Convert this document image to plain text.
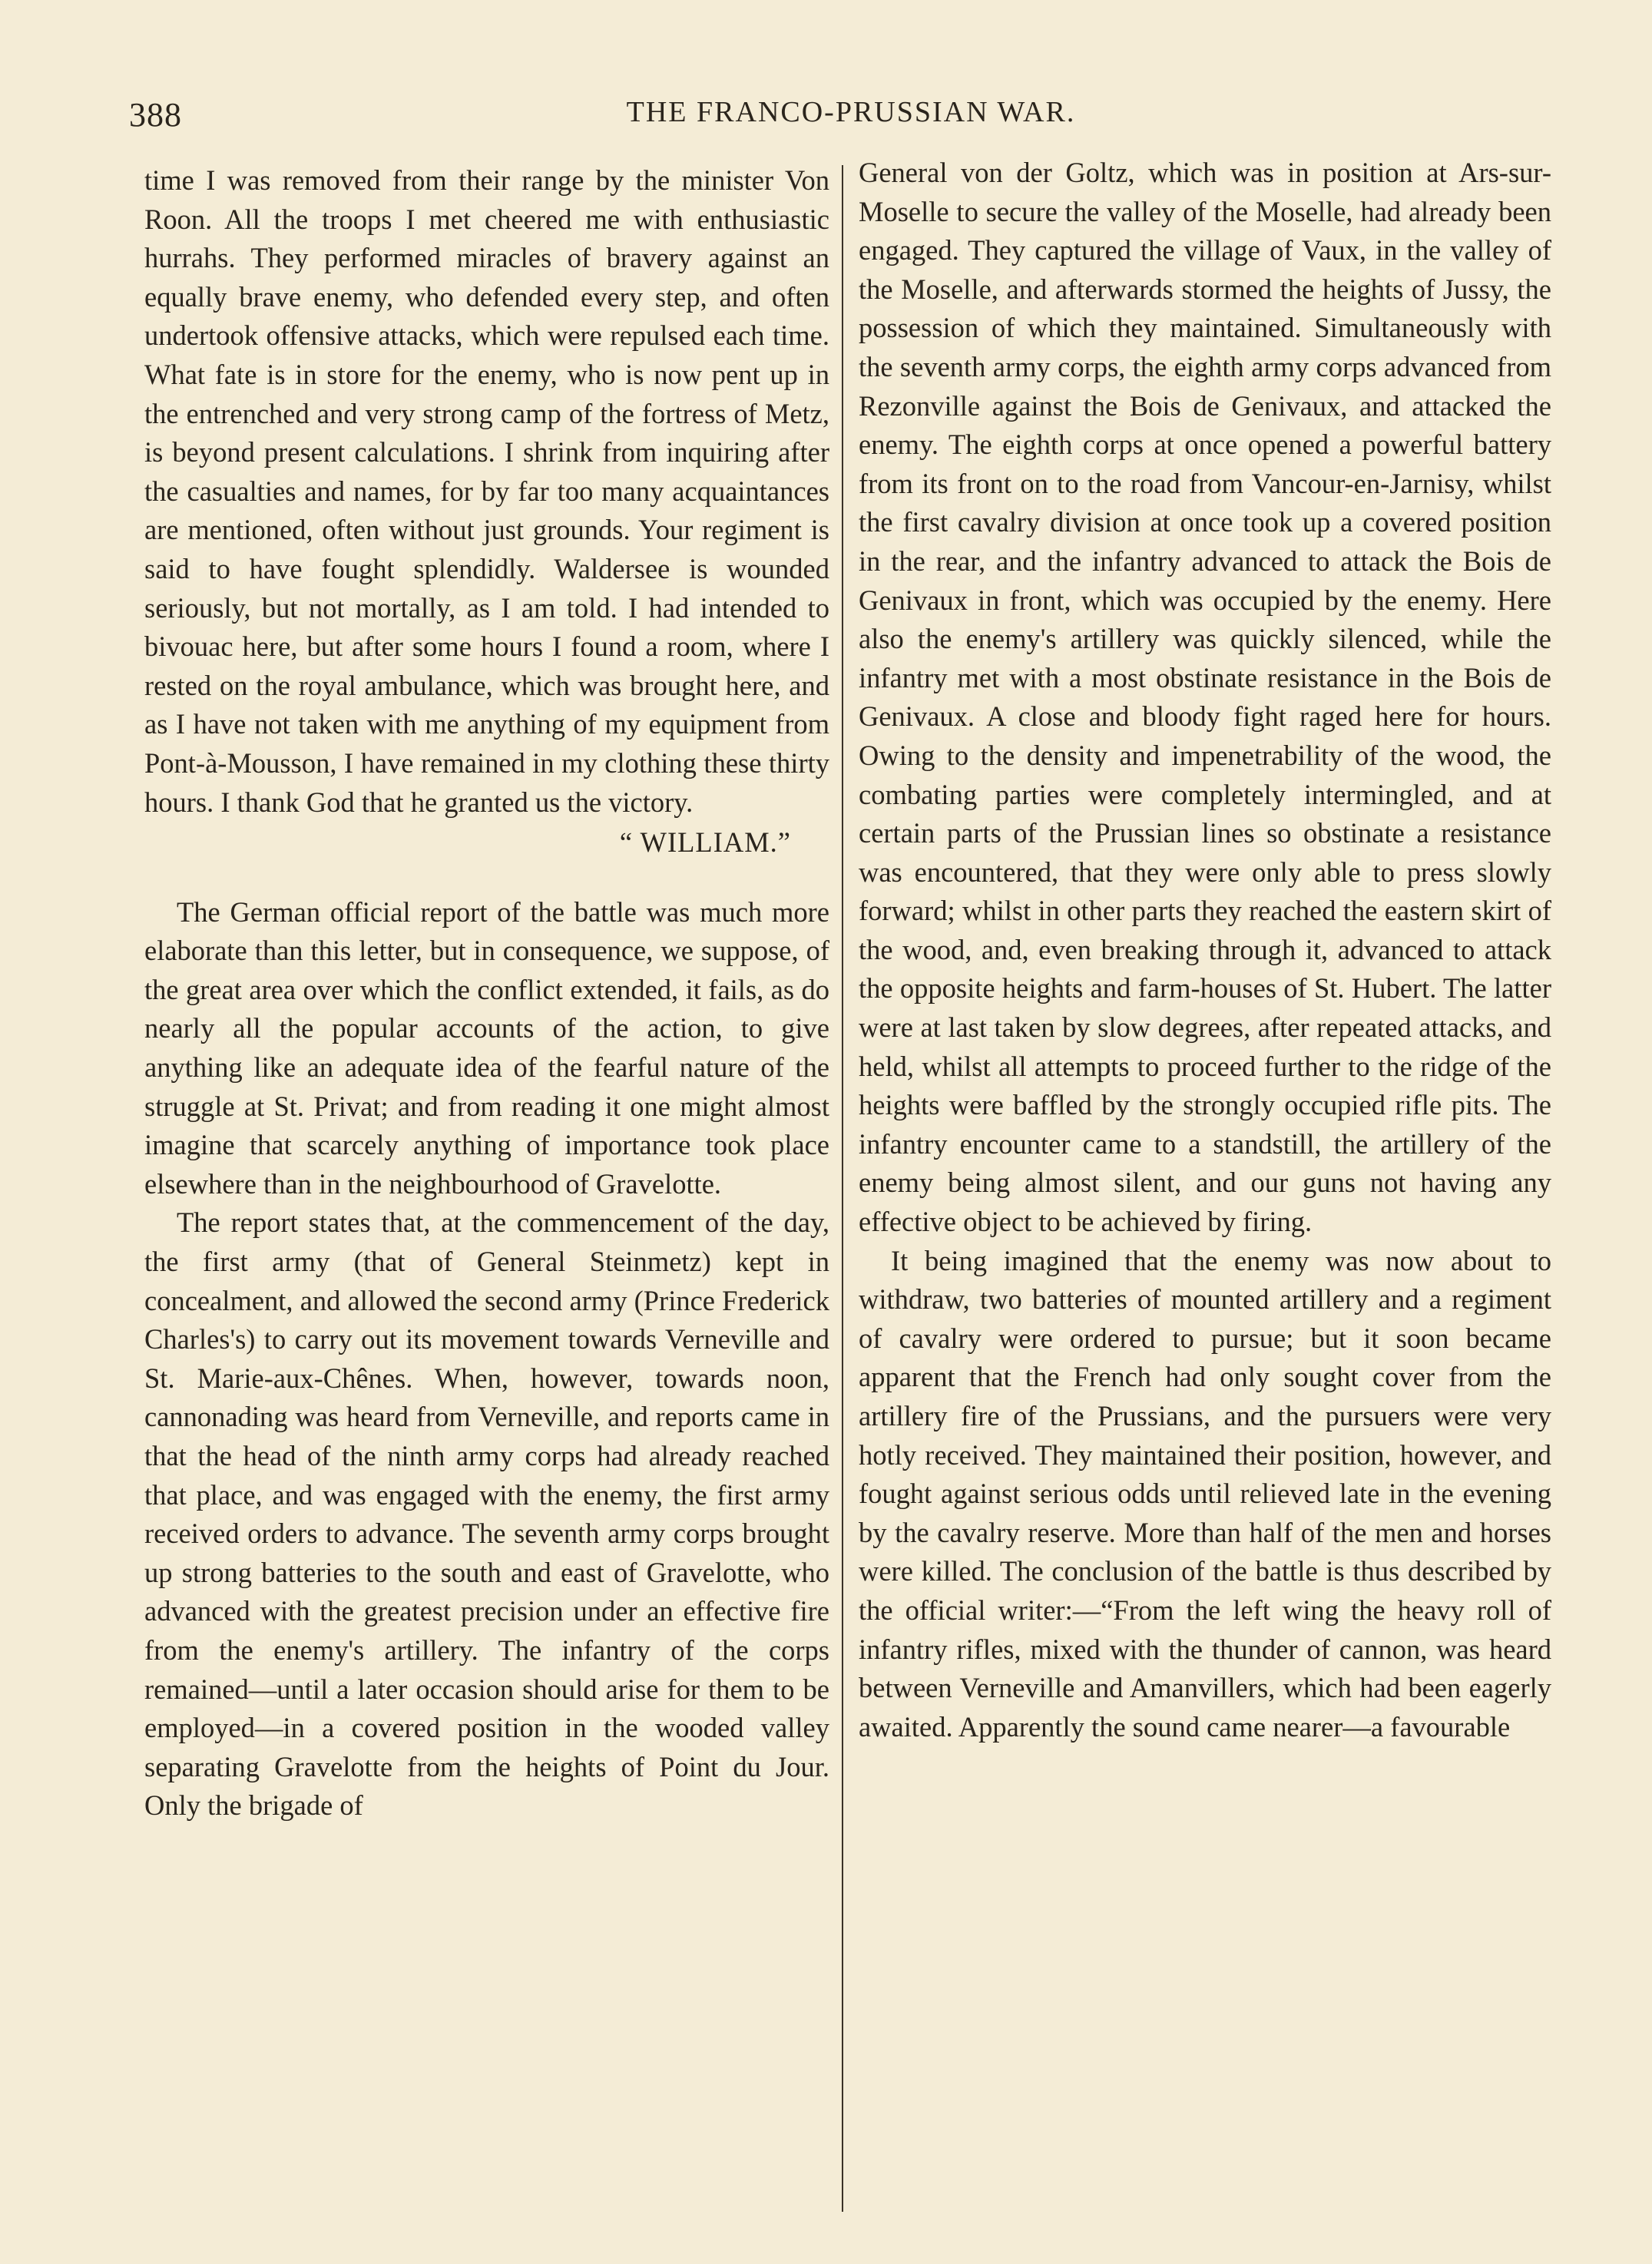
388	THE FRANCO-PRUSSIAN WAR.

time I was removed from their range by the minister Von Roon. All the troops I met cheered me with enthusiastic hurrahs. They performed miracles of bravery against an equally brave enemy, who defended every step, and often undertook offensive attacks, which were repulsed each time. What fate is in store for the enemy, who is now pent up in the entrenched and very strong camp of the fortress of Metz, is beyond present calculations. I shrink from inquiring after the casualties and names, for by far too many acquaintances are mentioned, often without just grounds. Your regiment is said to have fought splendidly. Waldersee is wounded seriously, but not mortally, as I am told. I had intended to bivouac here, but after some hours I found a room, where I rested on the royal ambulance, which was brought here, and as I have not taken with me anything of my equipment from Pont-à-Mousson, I have remained in my clothing these thirty hours. I thank God that he granted us the victory.

“ WILLIAM.”

The German official report of the battle was much more elaborate than this letter, but in consequence, we suppose, of the great area over which the conflict extended, it fails, as do nearly all the popular accounts of the action, to give anything like an adequate idea of the fearful nature of the struggle at St. Privat; and from reading it one might almost imagine that scarcely anything of importance took place elsewhere than in the neighbourhood of Gravelotte.

The report states that, at the commencement of the day, the first army (that of General Steinmetz) kept in concealment, and allowed the second army (Prince Frederick Charles's) to carry out its movement towards Verneville and St. Marie-aux-Chênes. When, however, towards noon, cannonading was heard from Verneville, and reports came in that the head of the ninth army corps had already reached that place, and was engaged with the enemy, the first army received orders to advance. The seventh army corps brought up strong batteries to the south and east of Gravelotte, who advanced with the greatest precision under an effective fire from the enemy's artillery. The infantry of the corps remained—until a later occasion should arise for them to be employed—in a covered position in the wooded valley separating Gravelotte from the heights of Point du Jour. Only the brigade of

General von der Goltz, which was in position at Ars-sur-Moselle to secure the valley of the Moselle, had already been engaged. They captured the village of Vaux, in the valley of the Moselle, and afterwards stormed the heights of Jussy, the possession of which they maintained. Simultaneously with the seventh army corps, the eighth army corps advanced from Rezonville against the Bois de Genivaux, and attacked the enemy. The eighth corps at once opened a powerful battery from its front on to the road from Vancour-en-Jarnisy, whilst the first cavalry division at once took up a covered position in the rear, and the infantry advanced to attack the Bois de Genivaux in front, which was occupied by the enemy. Here also the enemy's artillery was quickly silenced, while the infantry met with a most obstinate resistance in the Bois de Genivaux. A close and bloody fight raged here for hours. Owing to the density and impenetrability of the wood, the combating parties were completely intermingled, and at certain parts of the Prussian lines so obstinate a resistance was encountered, that they were only able to press slowly forward; whilst in other parts they reached the eastern skirt of the wood, and, even breaking through it, advanced to attack the opposite heights and farm-houses of St. Hubert. The latter were at last taken by slow degrees, after repeated attacks, and held, whilst all attempts to proceed further to the ridge of the heights were baffled by the strongly occupied rifle pits. The infantry encounter came to a standstill, the artillery of the enemy being almost silent, and our guns not having any effective object to be achieved by firing.

It being imagined that the enemy was now about to withdraw, two batteries of mounted artillery and a regiment of cavalry were ordered to pursue; but it soon became apparent that the French had only sought cover from the artillery fire of the Prussians, and the pursuers were very hotly received. They maintained their position, however, and fought against serious odds until relieved late in the evening by the cavalry reserve. More than half of the men and horses were killed. The conclusion of the battle is thus described by the official writer:—“From the left wing the heavy roll of infantry rifles, mixed with the thunder of cannon, was heard between Verneville and Amanvillers, which had been eagerly awaited. Apparently the sound came nearer—a favourable
